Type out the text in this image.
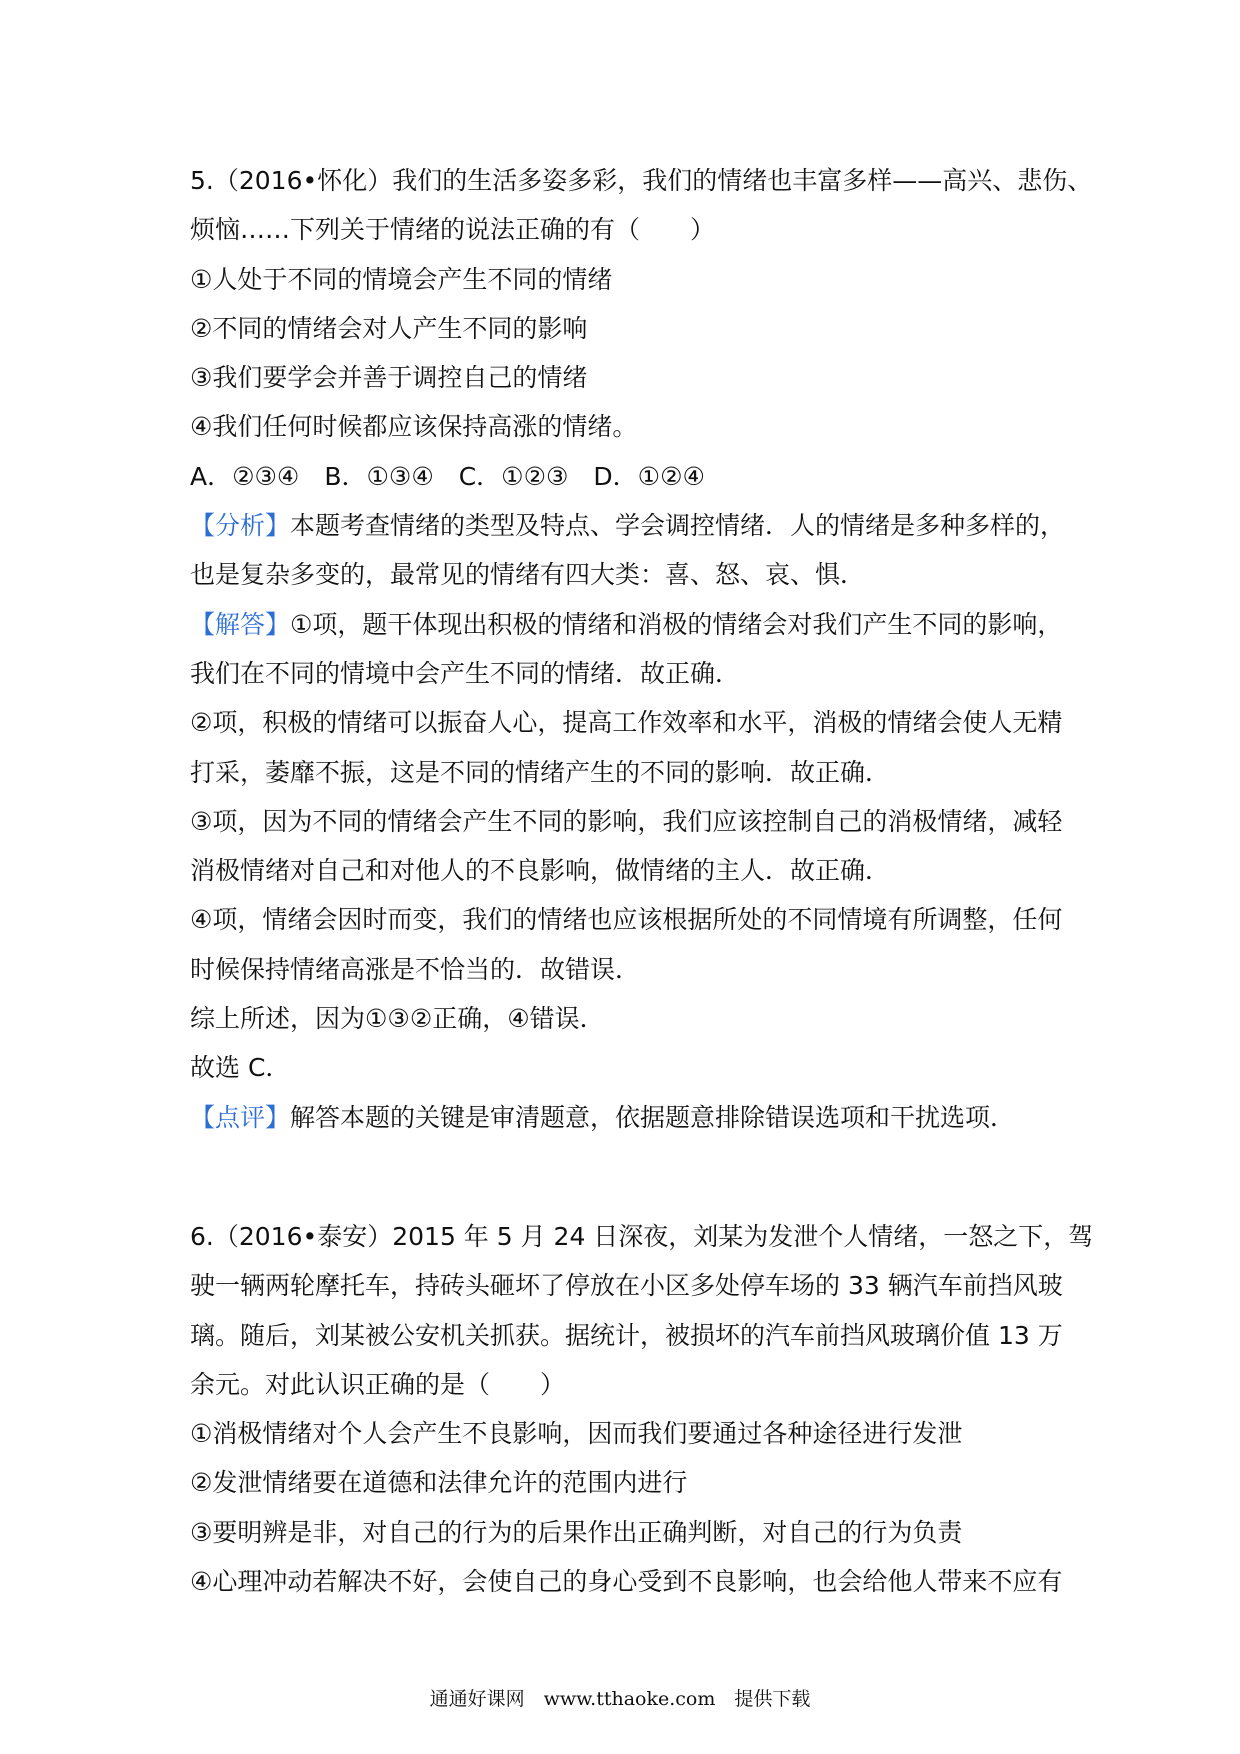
5.（2016•怀化）我们的生活多姿多彩，我们的情绪也丰富多样——高兴、悲伤、
烦恼……下列关于情绪的说法正确的有（　　）
①人处于不同的情境会产生不同的情绪
②不同的情绪会对人产生不同的影响
③我们要学会并善于调控自己的情绪
④我们任何时候都应该保持高涨的情绪。
A．②③④　B．①③④　C．①②③　D．①②④
【分析】本题考查情绪的类型及特点、学会调控情绪．人的情绪是多种多样的，
也是复杂多变的，最常见的情绪有四大类：喜、怒、哀、惧．
【解答】①项，题干体现出积极的情绪和消极的情绪会对我们产生不同的影响，
我们在不同的情境中会产生不同的情绪．故正确．
②项，积极的情绪可以振奋人心，提高工作效率和水平，消极的情绪会使人无精
打采，萎靡不振，这是不同的情绪产生的不同的影响．故正确．
③项，因为不同的情绪会产生不同的影响，我们应该控制自己的消极情绪，减轻
消极情绪对自己和对他人的不良影响，做情绪的主人．故正确．
④项，情绪会因时而变，我们的情绪也应该根据所处的不同情境有所调整，任何
时候保持情绪高涨是不恰当的．故错误．
综上所述，因为①③②正确，④错误．
故选 C．
【点评】解答本题的关键是审清题意，依据题意排除错误选项和干扰选项．
6.（2016•泰安）2015 年 5 月 24 日深夜，刘某为发泄个人情绪，一怒之下，驾
驶一辆两轮摩托车，持砖头砸坏了停放在小区多处停车场的 33 辆汽车前挡风玻
璃。随后，刘某被公安机关抓获。据统计，被损坏的汽车前挡风玻璃价值 13 万
余元。对此认识正确的是（　　）
①消极情绪对个人会产生不良影响，因而我们要通过各种途径进行发泄
②发泄情绪要在道德和法律允许的范围内进行
③要明辨是非，对自己的行为的后果作出正确判断，对自己的行为负责
④心理冲动若解决不好，会使自己的身心受到不良影响，也会给他人带来不应有
通通好课网　www.tthaoke.com　提供下载
